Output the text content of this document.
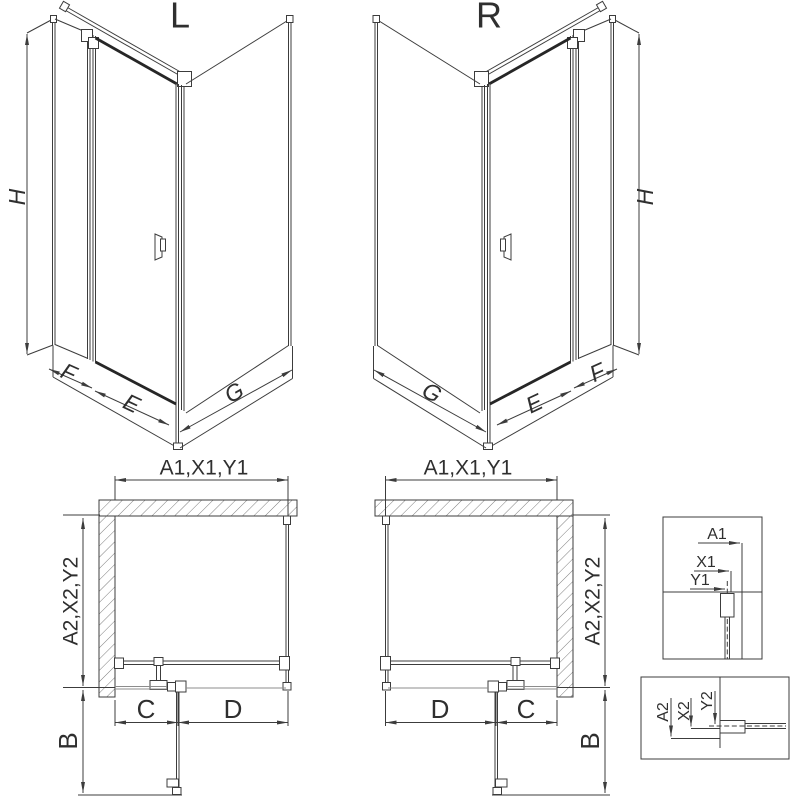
L
H
F
E	G
R
H
F
E
G
A1,X1,Y1
A2,X2,Y2
B
C	D
A1,X1,Y1
A2,X2,Y2
B
D	C
A1
X1
Y1
A2 X2
Y2
